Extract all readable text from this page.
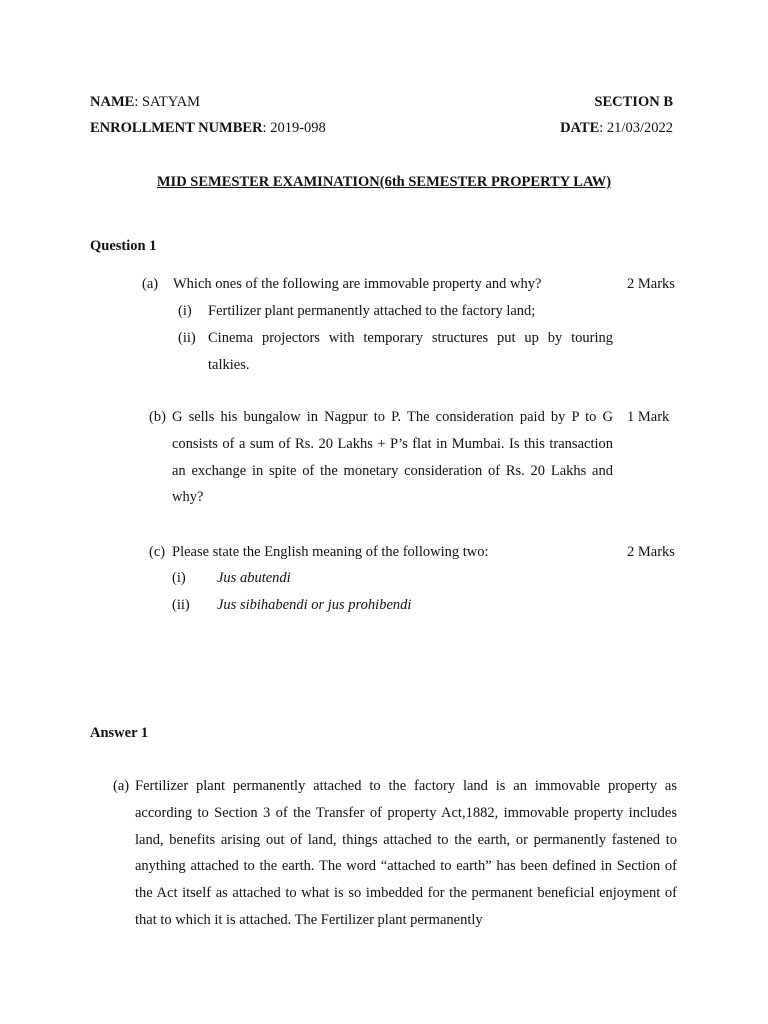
NAME: SATYAM	SECTION B
ENROLLMENT NUMBER: 2019-098	DATE: 21/03/2022
MID SEMESTER EXAMINATION(6th SEMESTER PROPERTY LAW)
Question 1
(a) Which ones of the following are immovable property and why?	2 Marks
(i) Fertilizer plant permanently attached to the factory land;
(ii) Cinema projectors with temporary structures put up by touring talkies.
(b) G sells his bungalow in Nagpur to P. The consideration paid by P to G consists of a sum of Rs. 20 Lakhs + P’s flat in Mumbai. Is this transaction an exchange in spite of the monetary consideration of Rs. 20 Lakhs and why?
1 Mark
(c) Please state the English meaning of the following two:	2 Marks
(i) Jus abutendi
(ii) Jus sibihabendi or jus prohibendi
Answer 1
(a) Fertilizer plant permanently attached to the factory land is an immovable property as according to Section 3 of the Transfer of property Act,1882, immovable property includes land, benefits arising out of land, things attached to the earth, or permanently fastened to anything attached to the earth. The word “attached to earth” has been defined in Section of the Act itself as attached to what is so imbedded for the permanent beneficial enjoyment of that to which it is attached. The Fertilizer plant permanently
